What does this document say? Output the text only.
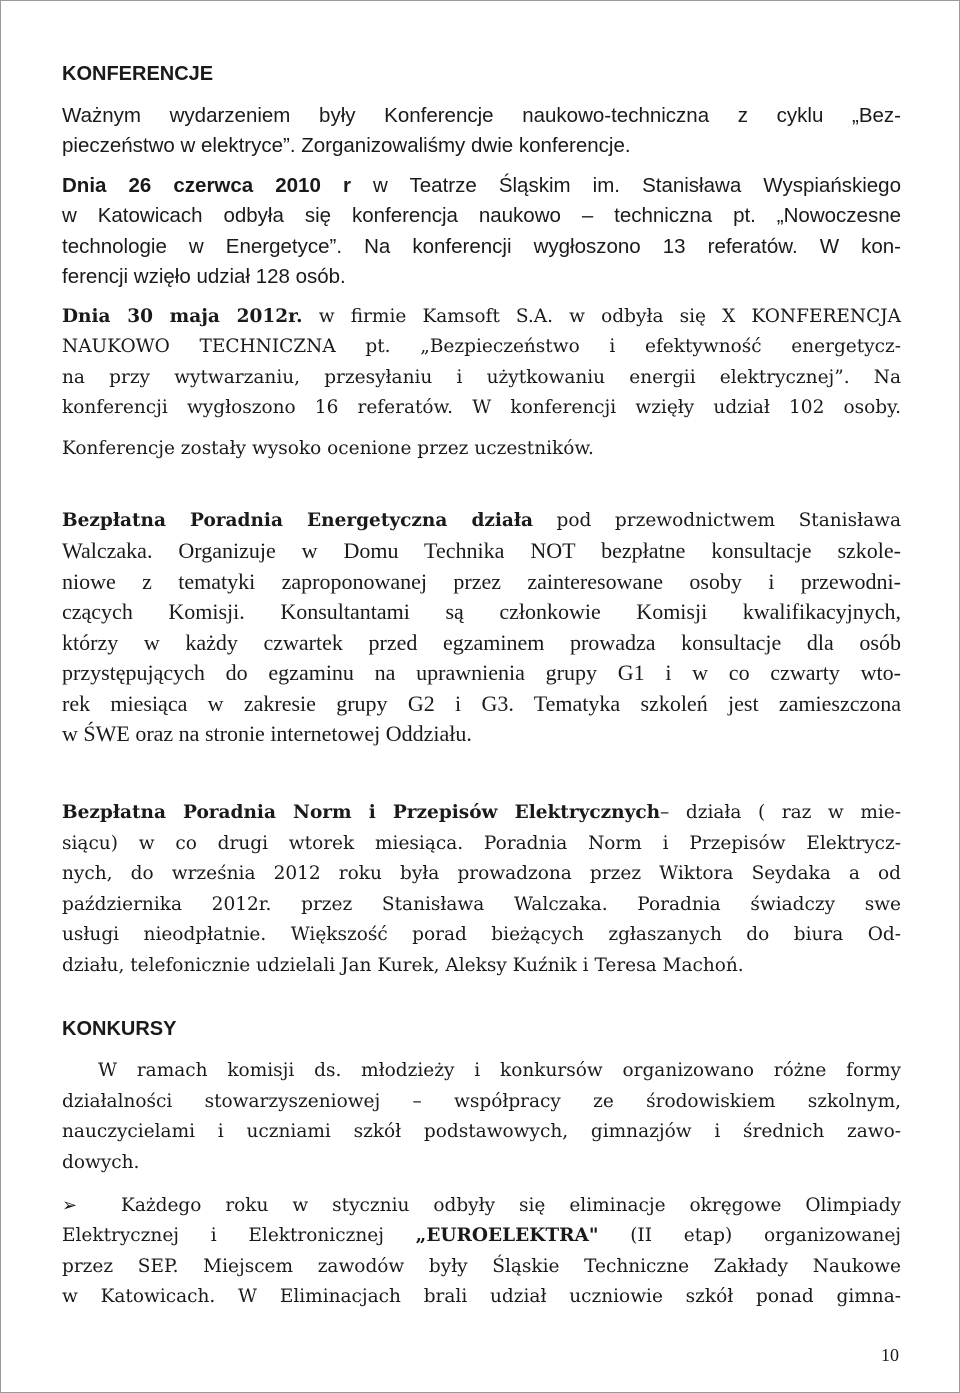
KONFERENCJE

Ważnym wydarzeniem były Konferencje naukowo-techniczna z cyklu „Bez-

pieczeństwo w elektryce”. Zorganizowaliśmy dwie konferencje.

Dnia 26 czerwca 2010 r w Teatrze Śląskim im. Stanisława Wyspiańskiego

w Katowicach odbyła się konferencja naukowo – techniczna pt. „Nowoczesne

technologie w Energetyce”. Na konferencji wygłoszono 13 referatów. W kon-

ferencji wzięło udział 128 osób.

Dnia 30 maja 2012r. w firmie Kamsoft S.A. w odbyła się X KONFERENCJA

NAUKOWO TECHNICZNA pt. „Bezpieczeństwo i efektywność energetycz-

na przy wytwarzaniu, przesyłaniu i użytkowaniu energii elektrycznej”. Na

konferencji wygłoszono 16 referatów. W konferencji wzięły udział 102 osoby.

Konferencje zostały wysoko ocenione przez uczestników.

Bezpłatna Poradnia Energetyczna działa pod przewodnictwem Stanisława

Walczaka. Organizuje w Domu Technika NOT bezpłatne konsultacje szkole-

niowe z tematyki zaproponowanej przez zainteresowane osoby i przewodni-

czących Komisji. Konsultantami są członkowie Komisji kwalifikacyjnych,

którzy w każdy czwartek przed egzaminem prowadza konsultacje dla osób

przystępujących do egzaminu na uprawnienia grupy G1 i w co czwarty wto-

rek miesiąca w zakresie grupy G2 i G3. Tematyka szkoleń jest zamieszczona

w ŚWE oraz na stronie internetowej Oddziału.

Bezpłatna Poradnia Norm i Przepisów Elektrycznych– działa ( raz w mie-

siącu) w co drugi wtorek miesiąca. Poradnia Norm i Przepisów Elektrycz-

nych, do września 2012 roku była prowadzona przez Wiktora Seydaka a od

października 2012r. przez Stanisława Walczaka. Poradnia świadczy swe

usługi nieodpłatnie. Większość porad bieżących zgłaszanych do biura Od-

działu, telefonicznie udzielali Jan Kurek, Aleksy Kuźnik i Teresa Machoń.

KONKURSY

W ramach komisji ds. młodzieży i konkursów organizowano różne formy

działalności stowarzyszeniowej – współpracy ze środowiskiem szkolnym,

nauczycielami i uczniami szkół podstawowych, gimnazjów i średnich zawo-

dowych.

➢ Każdego roku w styczniu odbyły się eliminacje okręgowe Olimpiady

Elektrycznej i Elektronicznej „EUROELEKTRA" (II etap) organizowanej

przez SEP. Miejscem zawodów były Śląskie Techniczne Zakłady Naukowe

w Katowicach. W Eliminacjach brali udział uczniowie szkół ponad gimna-

10
